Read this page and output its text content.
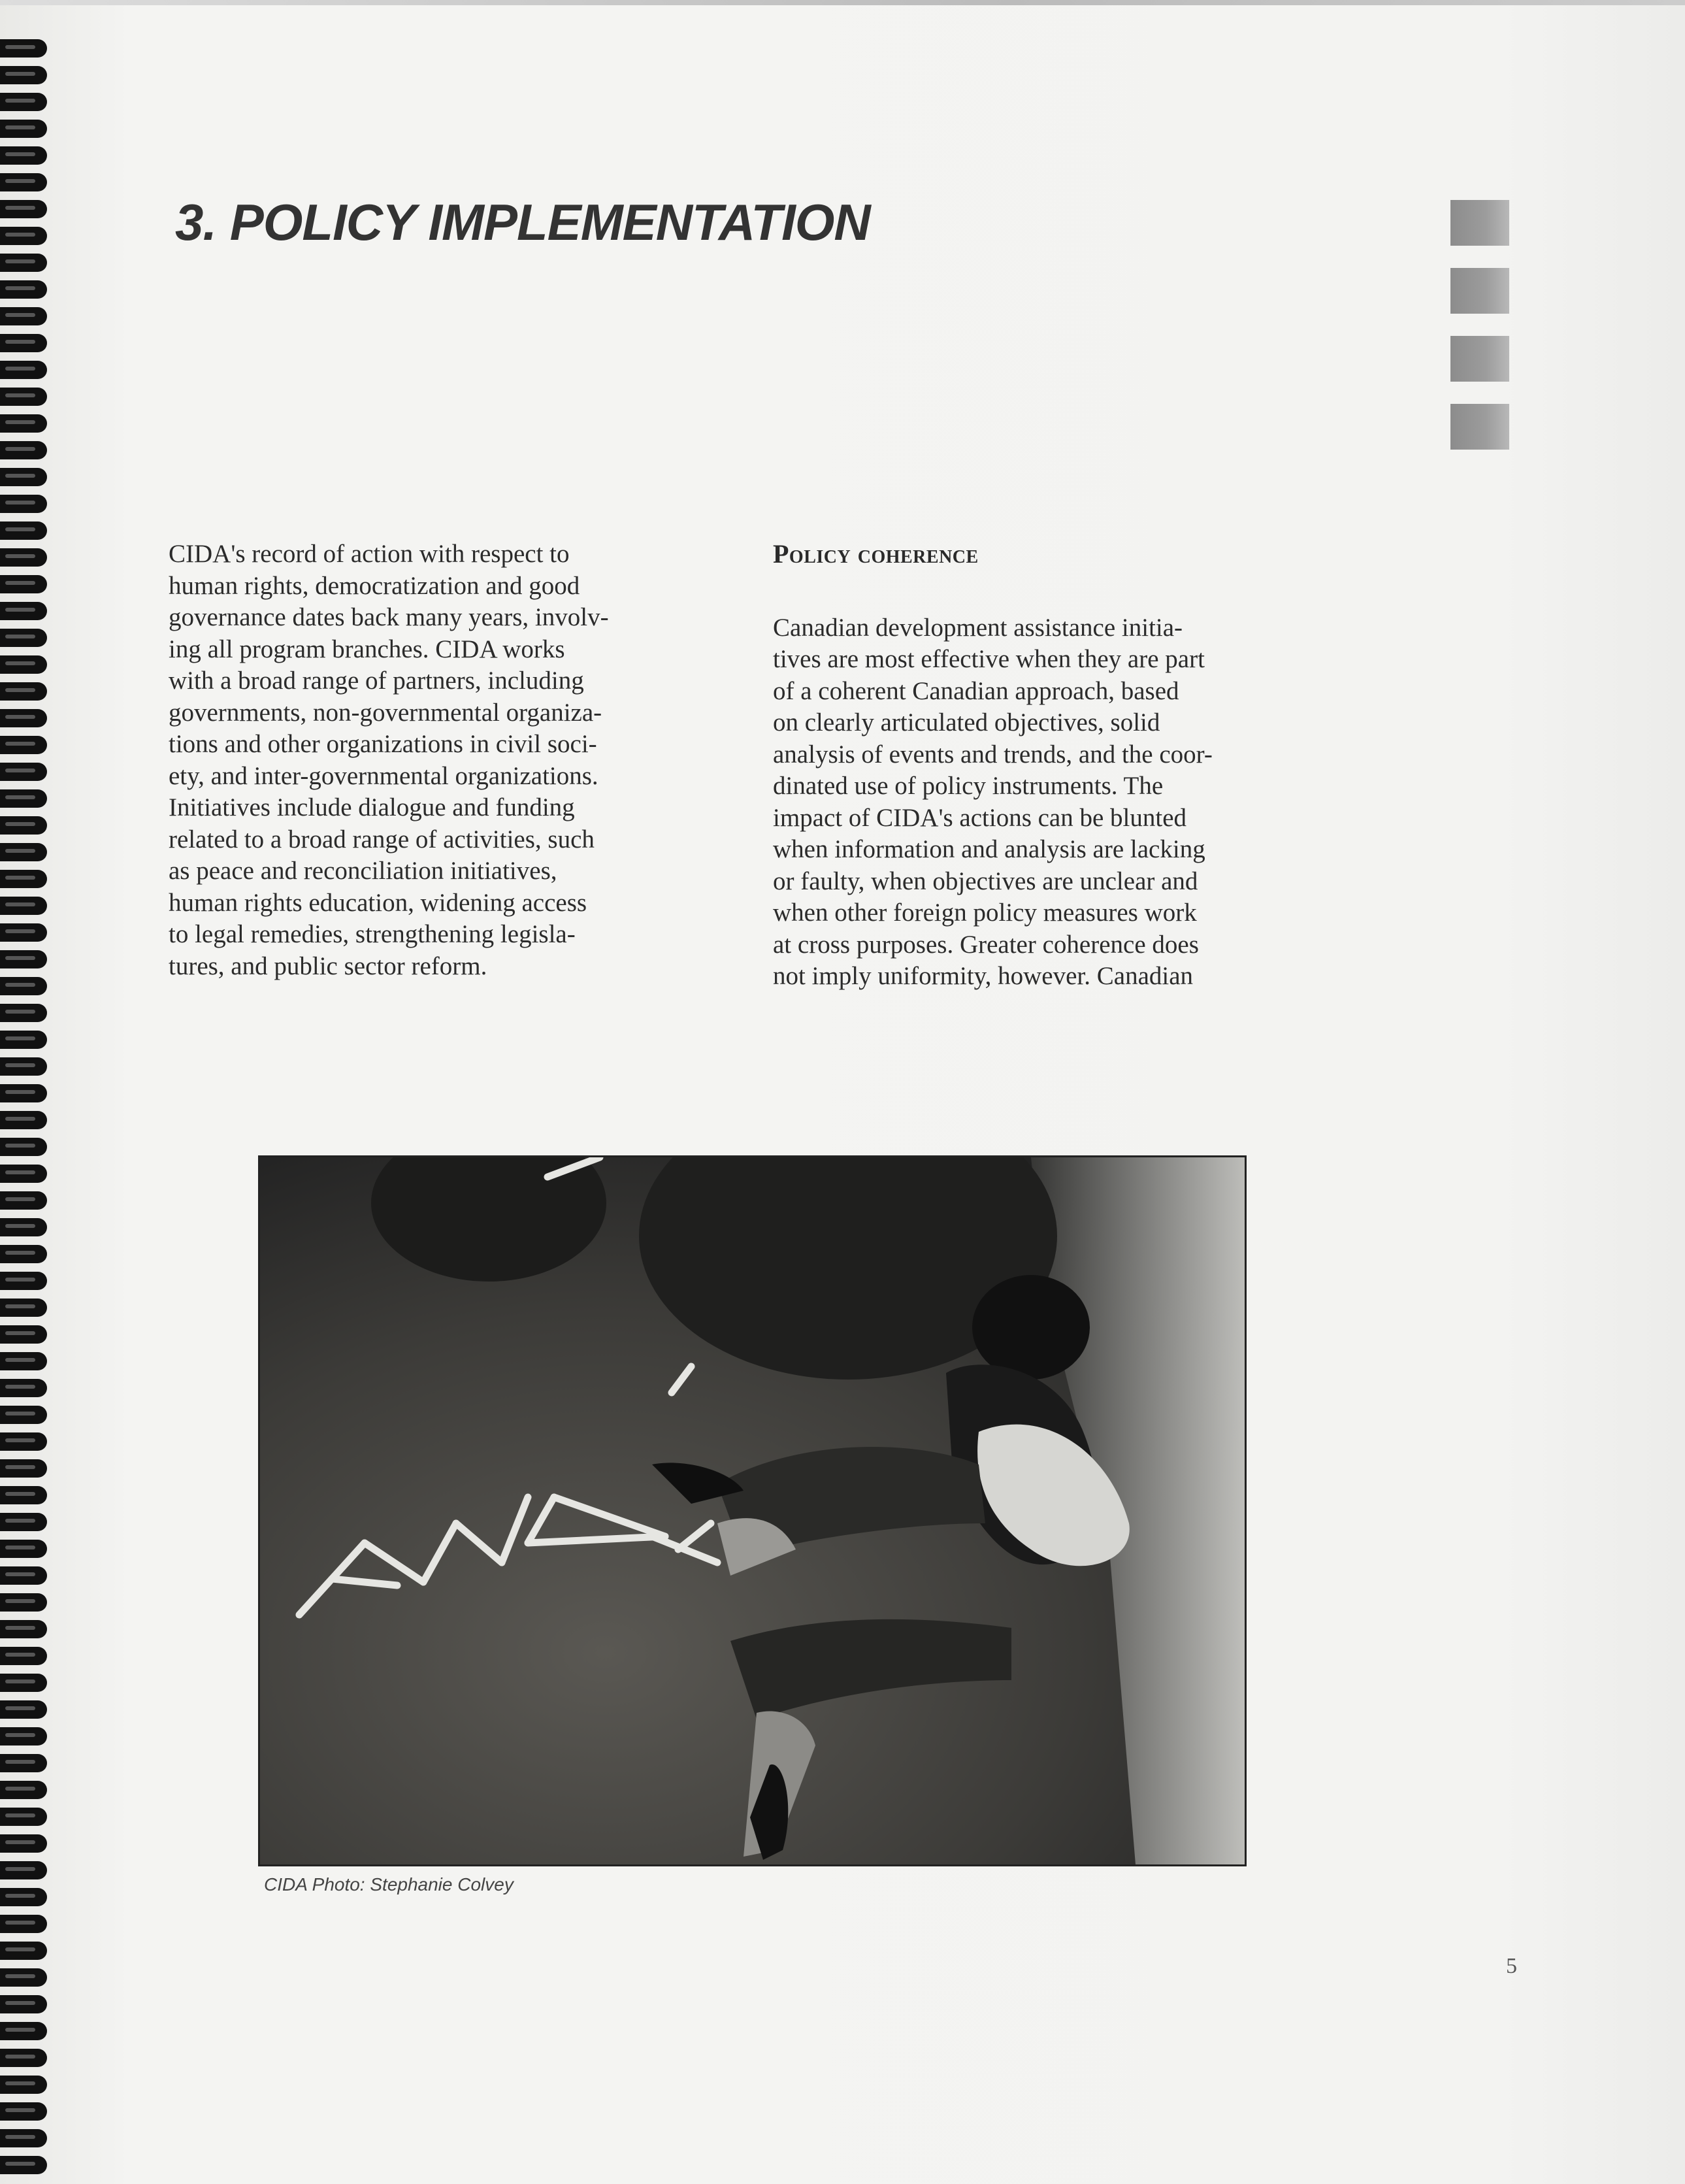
3. POLICY IMPLEMENTATION

CIDA's record of action with respect to

human rights, democratization and good

governance dates back many years, involv-

ing all program branches. CIDA works

with a broad range of partners, including

governments, non-governmental organiza-

tions and other organizations in civil soci-

ety, and inter-governmental organizations.

Initiatives include dialogue and funding

related to a broad range of activities, such

as peace and reconciliation initiatives,

human rights education, widening access

to legal remedies, strengthening legisla-

tures, and public sector reform.

Policy coherence

Canadian development assistance initia-

tives are most effective when they are part

of a coherent Canadian approach, based

on clearly articulated objectives, solid

analysis of events and trends, and the coor-

dinated use of policy instruments. The

impact of CIDA's actions can be blunted

when information and analysis are lacking

or faulty, when objectives are unclear and

when other foreign policy measures work

at cross purposes. Greater coherence does

not imply uniformity, however. Canadian

CIDA Photo: Stephanie Colvey
5
